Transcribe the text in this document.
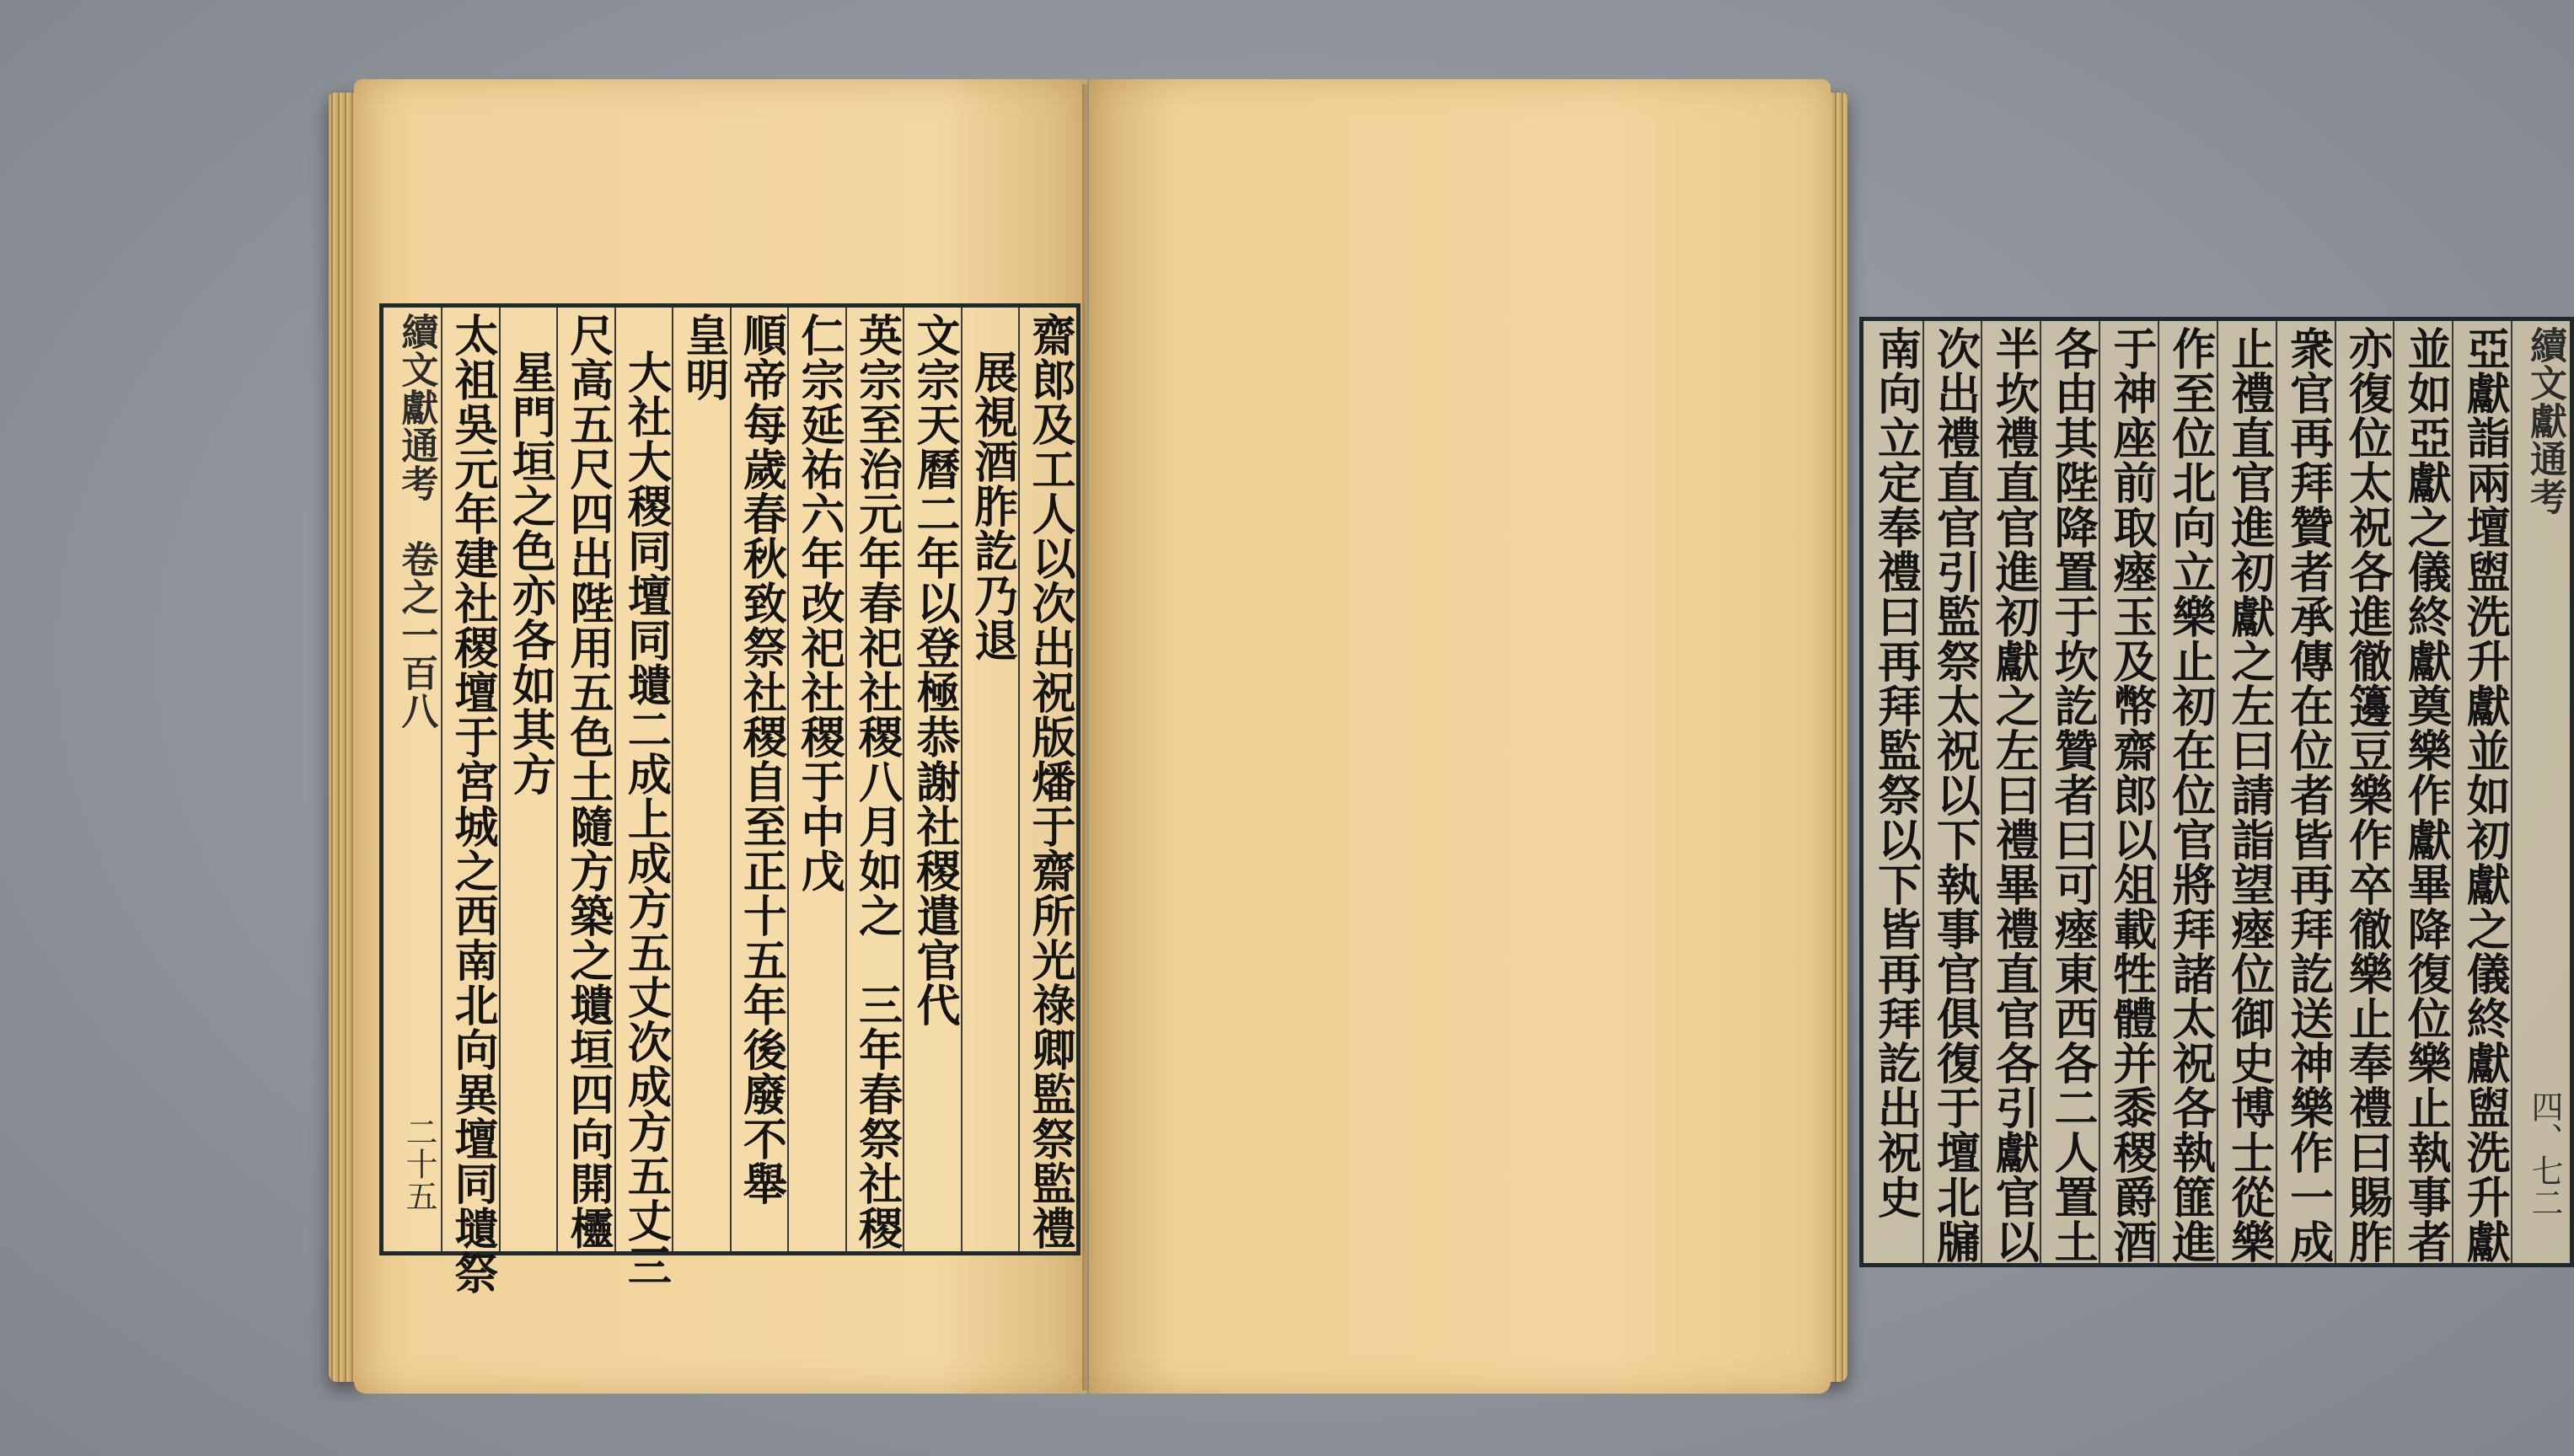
齋郎及工人以次出祝版燔于齋所光祿卿監祭監禮
展視酒胙訖乃退
文宗天曆二年以登極恭謝社稷遣官代
英宗至治元年春祀社稷八月如之　三年春祭社稷
仁宗延祐六年改祀社稷于中戊
順帝每歲春秋致祭社稷自至正十五年後廢不舉
皇明
大社大稷同壇同壝二成上成方五丈次成方五丈三
尺高五尺四出陛用五色土隨方築之壝垣四向開欞
星門垣之色亦各如其方
太祖吳元年建社稷壇于宮城之西南北向異壇同壝祭
續文獻通考　卷之一百八
二十五
續文獻通考
亞獻詣兩壇盥洗升獻並如初獻之儀終獻盥洗升獻
並如亞獻之儀終獻奠樂作獻畢降復位樂止執事者
亦復位太祝各進徹籩豆樂作卒徹樂止奉禮曰賜胙
衆官再拜贊者承傳在位者皆再拜訖送神樂作一成
止禮直官進初獻之左曰請詣望瘞位御史博士從樂
作至位北向立樂止初在位官將拜諸太祝各執篚進
于神座前取瘞玉及幣齋郎以俎載牲體并黍稷爵酒
各由其陛降置于坎訖贊者曰可瘞東西各二人置土
半坎禮直官進初獻之左曰禮畢禮直官各引獻官以
次出禮直官引監祭太祝以下執事官俱復于壇北牖
南向立定奉禮曰再拜監祭以下皆再拜訖出祝史	四、七二
